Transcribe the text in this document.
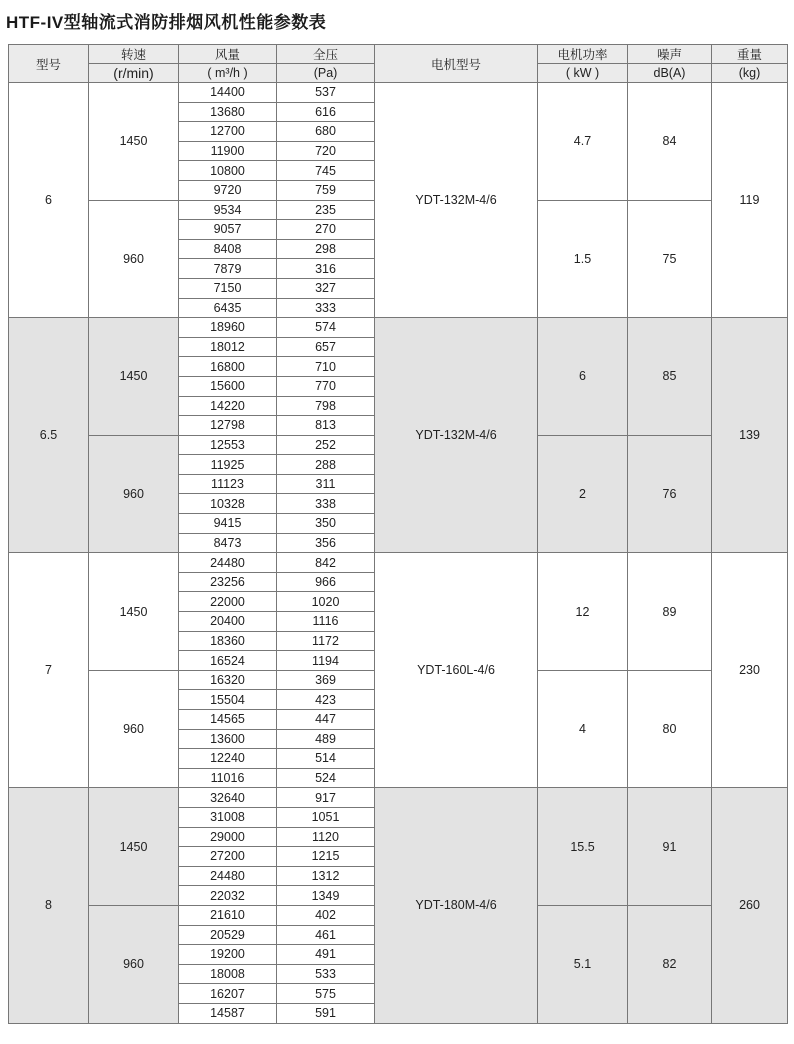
HTF-IV型轴流式消防排烟风机性能参数表
型号	转速	风量	全压	电机型号	电机功率	噪声	重量
	(r/min)	( m³/h )	(Pa)		( kW )	dB(A)	(kg)
6	1450	14400	537	YDT-132M-4/6	4.7	84	119
		13680	616				
		12700	680				
		11900	720				
		10800	745				
		9720	759				
	960	9534	235		1.5	75	
		9057	270				
		8408	298				
		7879	316				
		7150	327				
		6435	333				
6.5	1450	18960	574	YDT-132M-4/6	6	85	139
		18012	657				
		16800	710				
		15600	770				
		14220	798				
		12798	813				
	960	12553	252		2	76	
		11925	288				
		11123	311				
		10328	338				
		9415	350				
		8473	356				
7	1450	24480	842	YDT-160L-4/6	12	89	230
		23256	966				
		22000	1020				
		20400	1116				
		18360	1172				
		16524	1194				
	960	16320	369		4	80	
		15504	423				
		14565	447				
		13600	489				
		12240	514				
		11016	524				
8	1450	32640	917	YDT-180M-4/6	15.5	91	260
		31008	1051				
		29000	1120				
		27200	1215				
		24480	1312				
		22032	1349				
	960	21610	402		5.1	82	
		20529	461				
		19200	491				
		18008	533				
		16207	575				
		14587	591				
